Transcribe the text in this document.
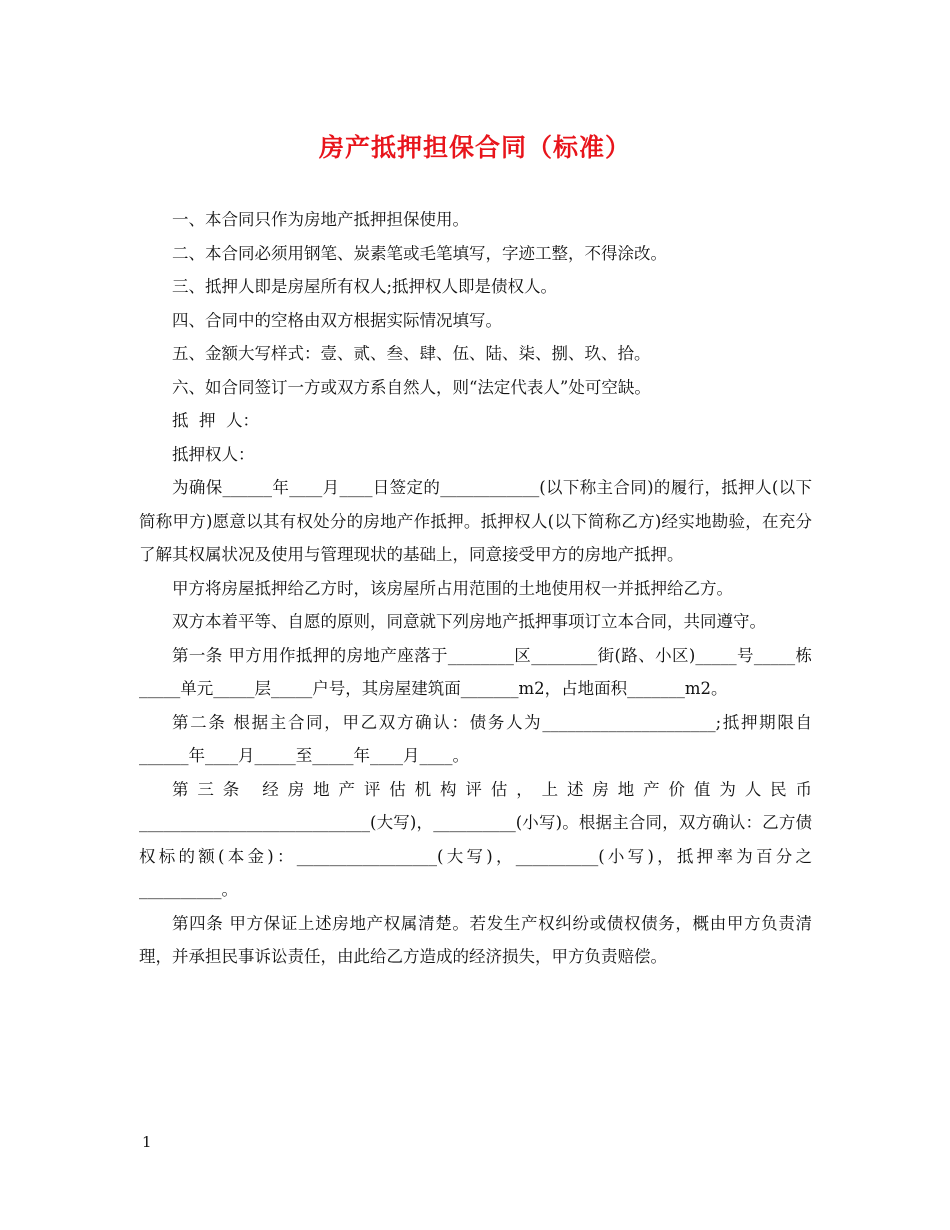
房产抵押担保合同（标准）

一、本合同只作为房地产抵押担保使用。

二、本合同必须用钢笔、炭素笔或毛笔填写，字迹工整，不得涂改。

三、抵押人即是房屋所有权人;抵押权人即是债权人。

四、合同中的空格由双方根据实际情况填写。

五、金额大写样式：壹、贰、叁、肆、伍、陆、柒、捌、玖、拾。

六、如合同签订一方或双方系自然人，则“法定代表人”处可空缺。

抵  押  人：

抵押权人：

为确保______年____月____日签定的____________(以下称主合同)的履行，抵押人(以下简称甲方)愿意以其有权处分的房地产作抵押。抵押权人(以下简称乙方)经实地勘验，在充分了解其权属状况及使用与管理现状的基础上，同意接受甲方的房地产抵押。

甲方将房屋抵押给乙方时，该房屋所占用范围的土地使用权一并抵押给乙方。

双方本着平等、自愿的原则，同意就下列房地产抵押事项订立本合同，共同遵守。

第一条 甲方用作抵押的房地产座落于________区________街(路、小区)_____号_____栋_____单元_____层_____户号，其房屋建筑面_______m2，占地面积_______m2。

第二条 根据主合同，甲乙双方确认：债务人为_____________________;抵押期限自______年____月_____至_____年____月____。

第三条 经房地产评估机构评估，上述房地产价值为人民币____________________________(大写)，__________(小写)。根据主合同，双方确认：乙方债权标的额(本金)：_________________(大写)，__________(小写)，抵押率为百分之__________。

第四条 甲方保证上述房地产权属清楚。若发生产权纠纷或债权债务，概由甲方负责清理，并承担民事诉讼责任，由此给乙方造成的经济损失，甲方负责赔偿。

1
